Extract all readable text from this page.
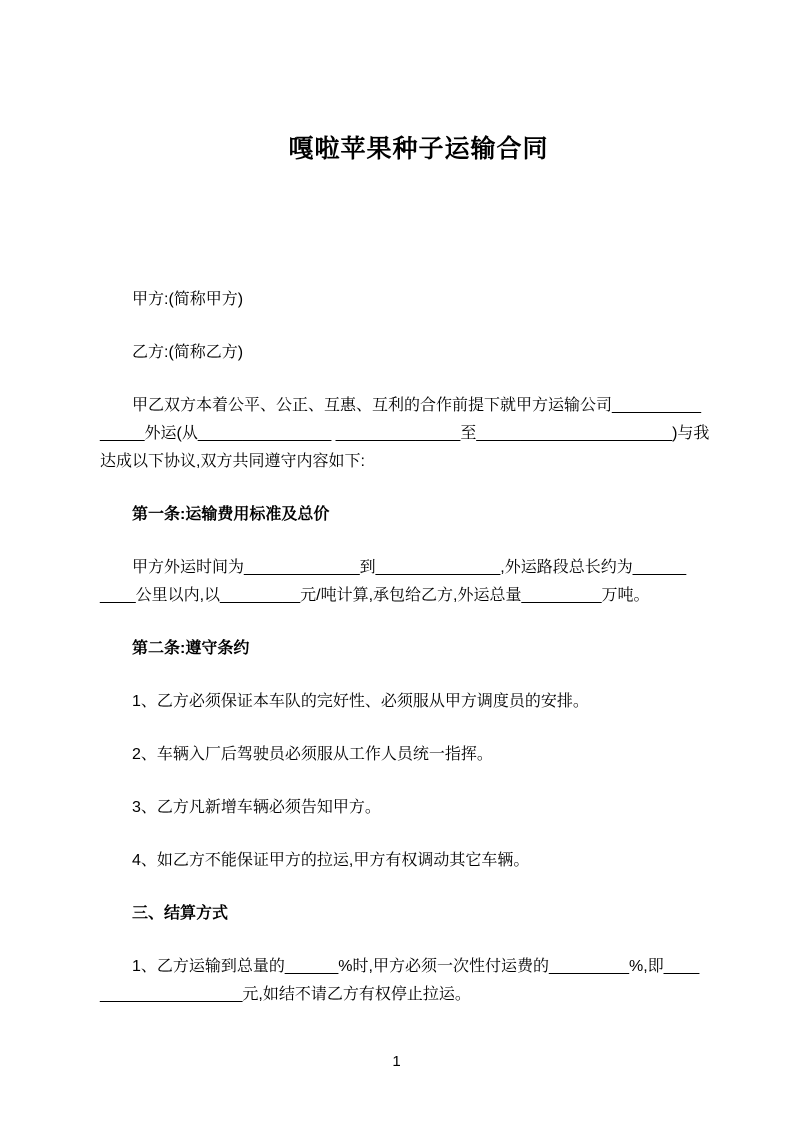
嘎啦苹果种子运输合同
甲方:(简称甲方)
乙方:(简称乙方)
甲乙双方本着公平、公正、互惠、互利的合作前提下就甲方运输公司__________
_____外运(从_______________ ______________至______________________)与我
达成以下协议,双方共同遵守内容如下:
第一条:运输费用标准及总价
甲方外运时间为_____________到______________,外运路段总长约为______
____公里以内,以_________元/吨计算,承包给乙方,外运总量_________万吨。
第二条:遵守条约
1、乙方必须保证本车队的完好性、必须服从甲方调度员的安排。
2、车辆入厂后驾驶员必须服从工作人员统一指挥。
3、乙方凡新增车辆必须告知甲方。
4、如乙方不能保证甲方的拉运,甲方有权调动其它车辆。
三、结算方式
1、乙方运输到总量的______%时,甲方必须一次性付运费的_________%,即____
________________元,如结不请乙方有权停止拉运。
1
